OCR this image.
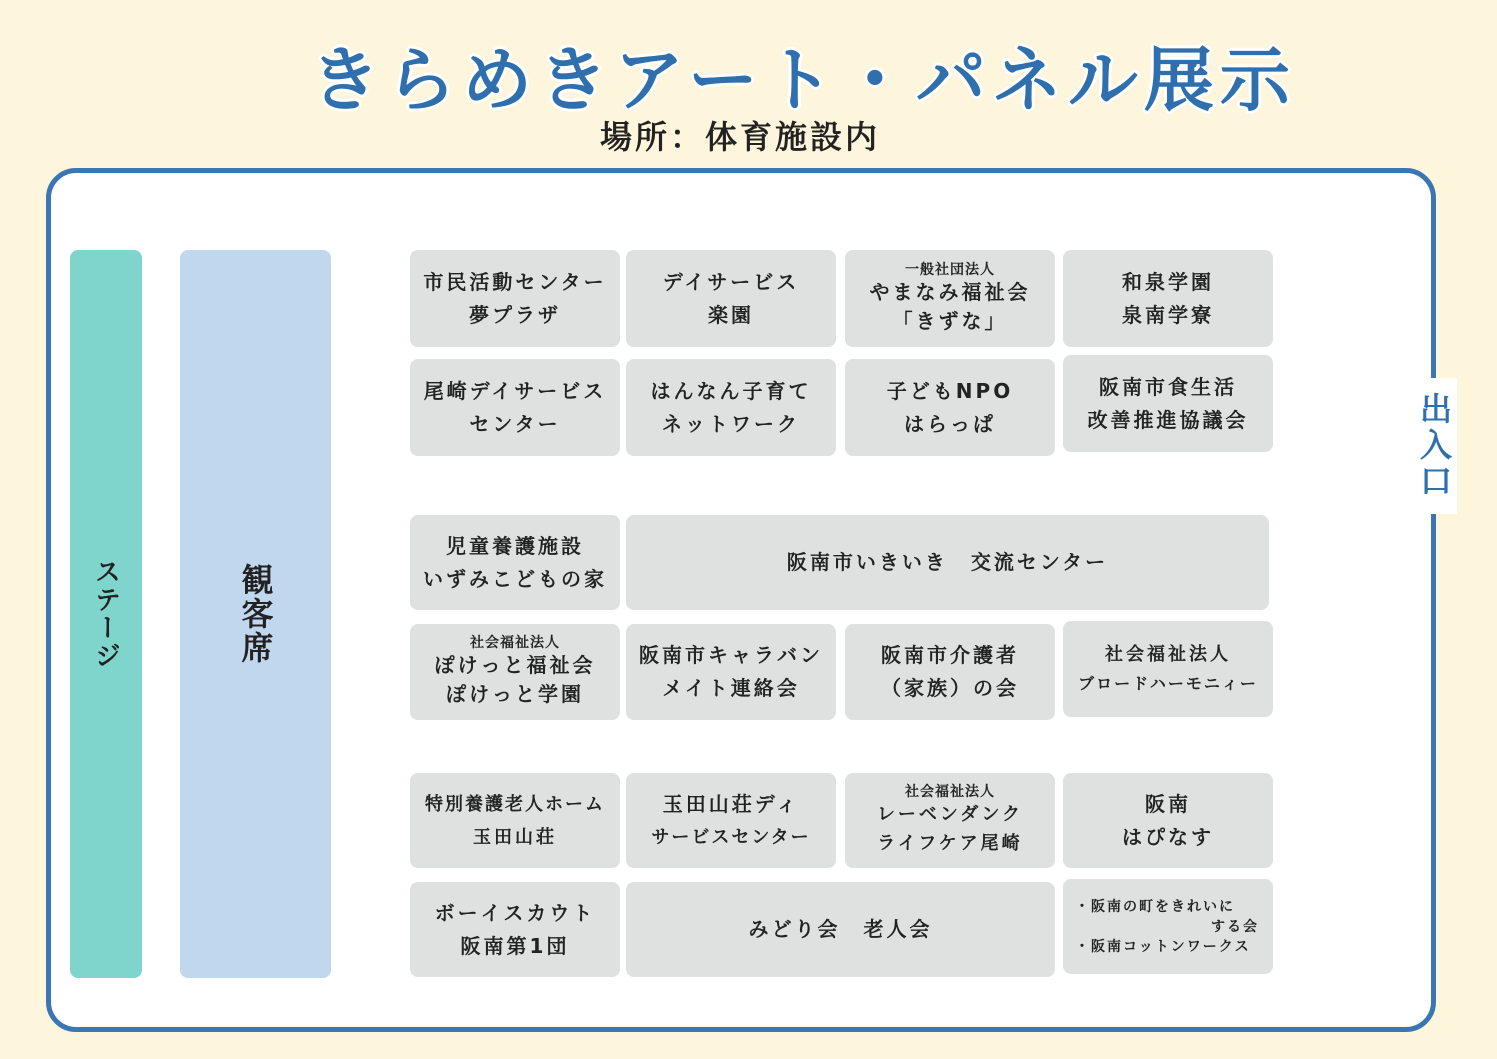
きらめきアート・パネル展示
場所：体育施設内
ステージ	観客席
出入口
市民活動センター
夢プラザ
デイサービス
楽園
一般社団法人
やまなみ福祉会
「きずな」
和泉学園
泉南学寮
尾崎デイサービス
センター
はんなん子育て
ネットワーク
子どもNPO
はらっぱ
阪南市食生活
改善推進協議会
児童養護施設
いずみこどもの家
阪南市いきいき　交流センター
社会福祉法人
ぽけっと福祉会
ぽけっと学園
阪南市キャラバン
メイト連絡会
阪南市介護者
（家族）の会
社会福祉法人
ブロードハーモニィー
特別養護老人ホーム
玉田山荘
玉田山荘ディ
サービスセンター
社会福祉法人
レーベンダンク
ライフケア尾崎
阪南
はぴなす
ボーイスカウト
阪南第1団
みどり会　老人会
・阪南の町をきれいに
する会
・阪南コットンワークス
